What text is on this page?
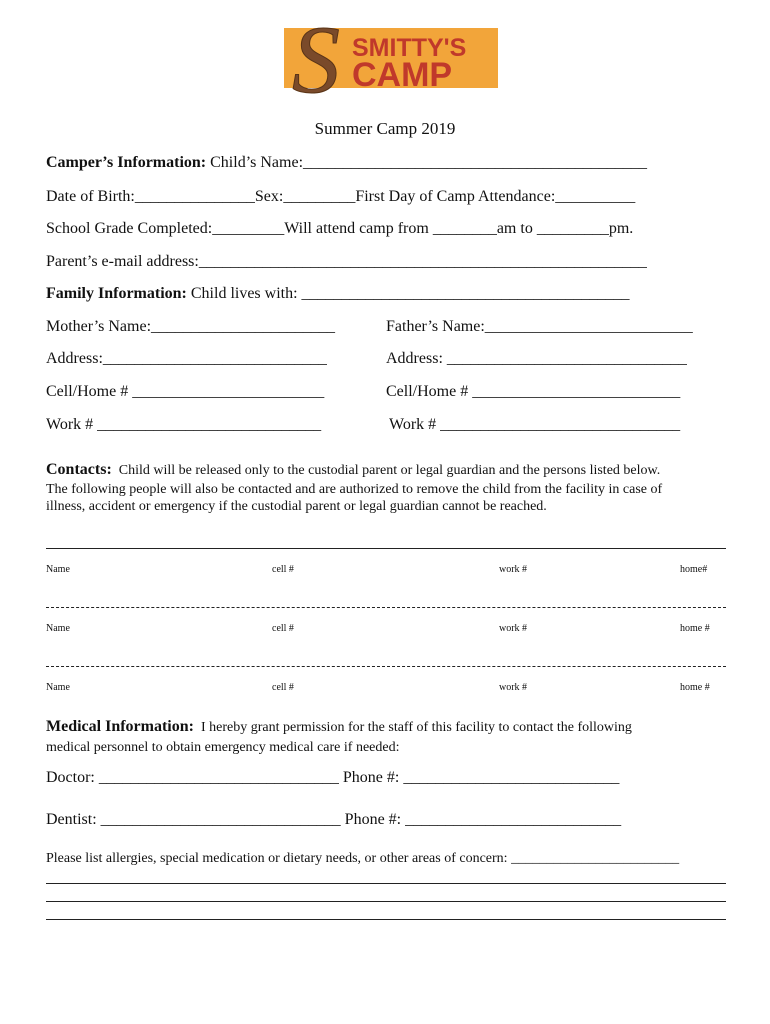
S SMITTY'S
CAMP
Summer Camp 2019
Camper’s Information: Child’s Name:___________________________________________
Date of Birth:_______________Sex:_________First Day of Camp Attendance:__________
School Grade Completed:_________Will attend camp from ________am to _________pm.
Parent’s e-mail address:________________________________________________________
Family Information: Child lives with: _________________________________________
Mother’s Name:_______________________	Father’s Name:__________________________
Address:____________________________	Address: ______________________________
Cell/Home # ________________________	Cell/Home # __________________________
Work # ____________________________	Work # ______________________________
Contacts: Child will be released only to the custodial parent or legal guardian and the persons listed below.
The following people will also be contacted and are authorized to remove the child from the facility in case of
illness, accident or emergency if the custodial parent or legal guardian cannot be reached.
Name	cell #	work #	home#
Name	cell #	work #	home #
Name	cell #	work #	home #
Medical Information: I hereby grant permission for the staff of this facility to contact the following
medical personnel to obtain emergency medical care if needed:
Doctor: ______________________________ Phone #: ___________________________
Dentist: ______________________________ Phone #: ___________________________
Please list allergies, special medication or dietary needs, or other areas of concern: ________________________
